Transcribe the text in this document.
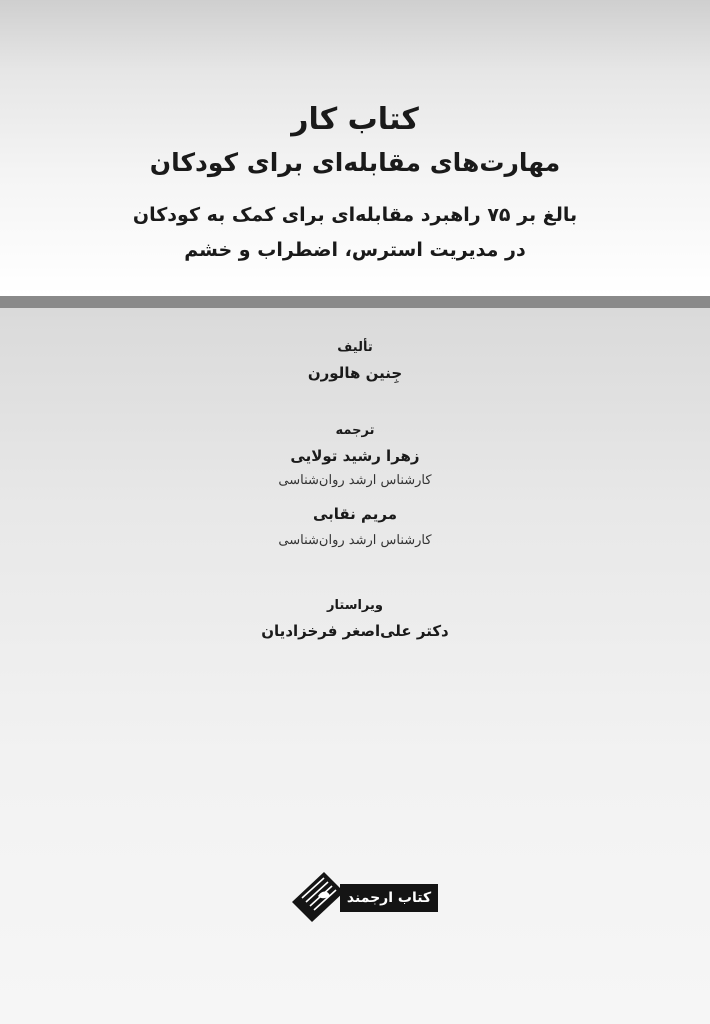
کتاب کار
مهارت‌های مقابله‌ای برای کودکان
بالغ بر ۷۵ راهبرد مقابله‌ای برای کمک به کودکان
در مدیریت استرس، اضطراب و خشم
تألیف
جِنین هالورن
ترجمه
زهرا رشید تولایی
کارشناس ارشد روان‌شناسی
مریم نقابی
کارشناس ارشد روان‌شناسی
ویراستار
دکتر علی‌اصغر فرخزادیان
کتاب ارجمند
